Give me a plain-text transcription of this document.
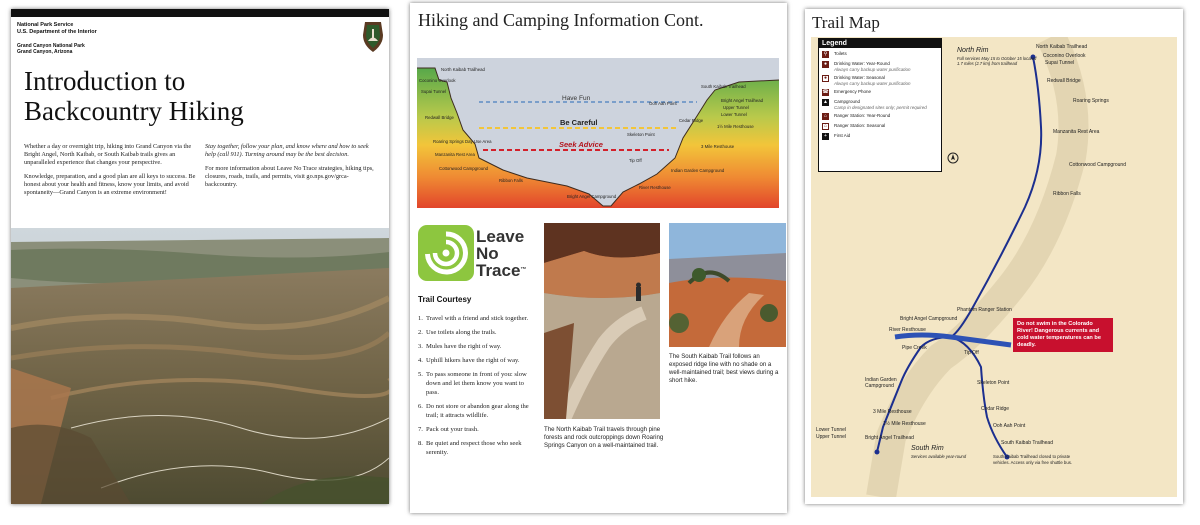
National Park Service
U.S. Department of the Interior
Grand Canyon National Park
Grand Canyon, Arizona
Introduction to
Backcountry Hiking

Whether a day or overnight trip, hiking into Grand Canyon via the Bright Angel, North Kaibab, or South Kaibab trails gives an unparalleled experience that changes your perspective.

Knowledge, preparation, and a good plan are all keys to success. Be honest about your health and fitness, know your limits, and avoid spontaneity—Grand Canyon is an extreme environment!

Stay together, follow your plan, and know where and how to seek help (call 911). Turning around may be the best decision.

For more information about Leave No Trace strategies, hiking tips, closures, roads, trails, and permits, visit go.nps.gov/grca-backcountry.

Hiking and Camping Information Cont.
Have Fun
Be Careful
Seek Advice
North Kaibab Trailhead
Coconino Overlook
Supai Tunnel
Redwall Bridge
Roaring Springs Day Use Area
Manzanita Rest Area
Cottonwood Campground
Ribbon Falls
South Kaibab Trailhead
Ooh Aah Point
Cedar Ridge
Skeleton Point
Tip Off
Bright Angel Trailhead
Upper Tunnel
Lower Tunnel
1½ Mile Resthouse
3 Mile Resthouse
Indian Garden Campground
River Resthouse
Bright Angel Campground
Leave
No
Trace™
Trail Courtesy
1. Travel with a friend and stick together.
2. Use toilets along the trails.
3. Mules have the right of way.
4. Uphill hikers have the right of way.
5. To pass someone in front of you: slow down and let them know you want to pass.
6. Do not store or abandon gear along the trail; it attracts wildlife.
7. Pack out your trash.
8. Be quiet and respect those who seek serenity.
The North Kaibab Trail travels through pine forests and rock outcroppings down Roaring Springs Canyon on a well-maintained trail.
The South Kaibab Trail follows an exposed ridge line with no shade on a well-maintained trail; best views during a short hike.
Trail Map
Legend
⚲	Toilets
●	Drinking Water: Year-Round
Always carry backup water purification
●	Drinking Water: Seasonal
Always carry backup water purification
☎ Emergency Phone
▲ Campground
Camp in designated sites only; permit required
⌂	Ranger Station: Year-Round
⌂	Ranger Station: Seasonal
+	First Aid
North Rim
Full services May 15 to October 15 located 1.7 miles (2.7 km) from trailhead
North Kaibab Trailhead
Coconino Overlook
Supai Tunnel
Redwall Bridge
Roaring Springs
Manzanita Rest Area
Cottonwood Campground
Ribbon Falls
Phantom Ranger Station
Bright Angel Campground
River Resthouse
Pipe Creek
Tip Off
Skeleton Point
Indian Garden Campground
3 Mile Resthouse
1½ Mile Resthouse
Cedar Ridge
Ooh Aah Point
Lower Tunnel
Upper Tunnel	Bright Angel Trailhead
South Kaibab Trailhead
South Rim
Services available year-round	South Kaibab Trailhead closed to private vehicles. Access only via free shuttle bus.
Do not swim in the Colorado River! Dangerous currents and cold water temperatures can be deadly.
